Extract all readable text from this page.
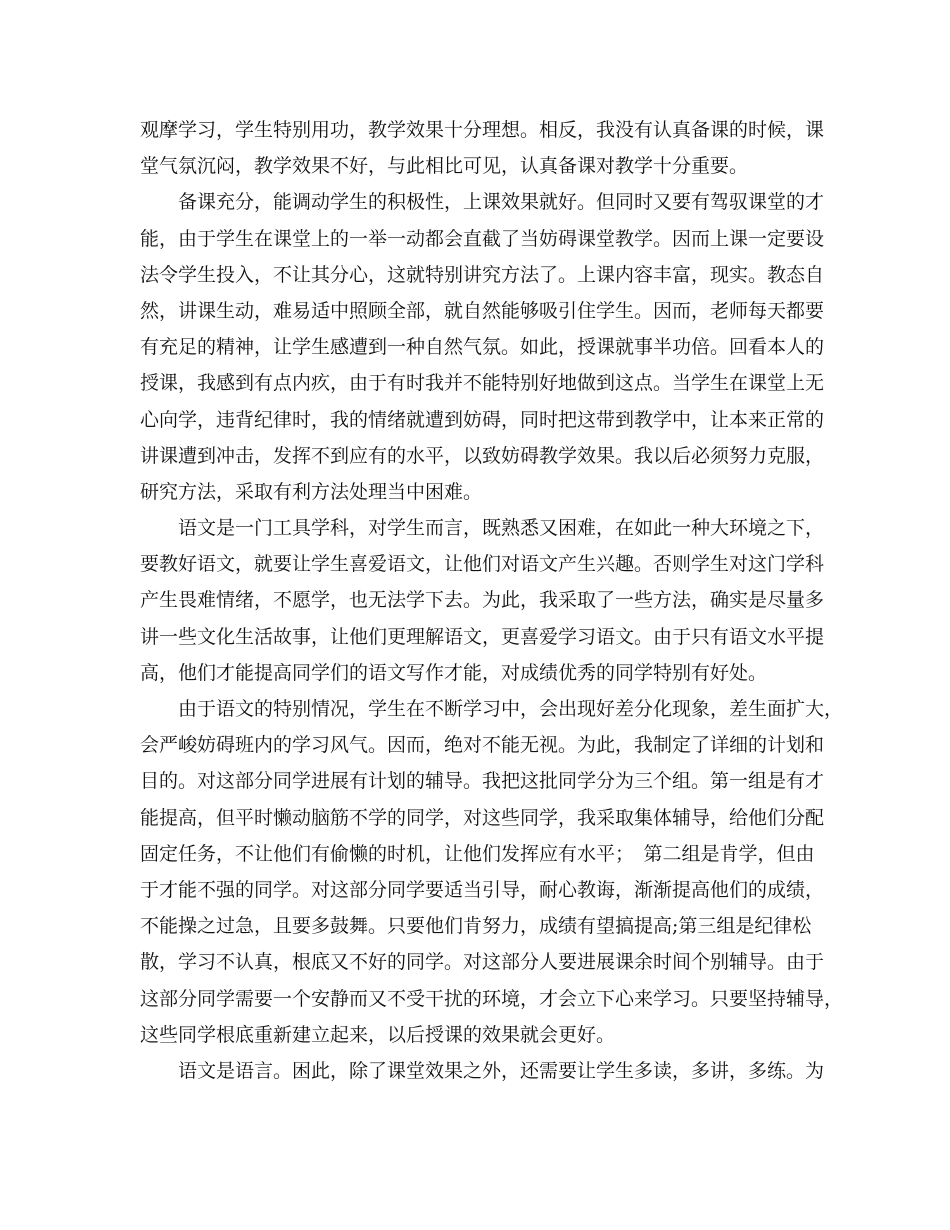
观摩学习，学生特别用功，教学效果十分理想。相反，我没有认真备课的时候，课
堂气氛沉闷，教学效果不好，与此相比可见，认真备课对教学十分重要。
备课充分，能调动学生的积极性，上课效果就好。但同时又要有驾驭课堂的才
能，由于学生在课堂上的一举一动都会直截了当妨碍课堂教学。因而上课一定要设
法令学生投入，不让其分心，这就特别讲究方法了。上课内容丰富，现实。教态自
然，讲课生动，难易适中照顾全部，就自然能够吸引住学生。因而，老师每天都要
有充足的精神，让学生感遭到一种自然气氛。如此，授课就事半功倍。回看本人的
授课，我感到有点内疚，由于有时我并不能特别好地做到这点。当学生在课堂上无
心向学，违背纪律时，我的情绪就遭到妨碍，同时把这带到教学中，让本来正常的
讲课遭到冲击，发挥不到应有的水平，以致妨碍教学效果。我以后必须努力克服，
研究方法，采取有利方法处理当中困难。
语文是一门工具学科，对学生而言，既熟悉又困难，在如此一种大环境之下，
要教好语文，就要让学生喜爱语文，让他们对语文产生兴趣。否则学生对这门学科
产生畏难情绪，不愿学，也无法学下去。为此，我采取了一些方法，确实是尽量多
讲一些文化生活故事，让他们更理解语文，更喜爱学习语文。由于只有语文水平提
高，他们才能提高同学们的语文写作才能，对成绩优秀的同学特别有好处。
由于语文的特别情况，学生在不断学习中，会出现好差分化现象，差生面扩大，
会严峻妨碍班内的学习风气。因而，绝对不能无视。为此，我制定了详细的计划和
目的。对这部分同学进展有计划的辅导。我把这批同学分为三个组。第一组是有才
能提高，但平时懒动脑筋不学的同学，对这些同学，我采取集体辅导，给他们分配
固定任务，不让他们有偷懒的时机，让他们发挥应有水平；　第二组是肯学，但由
于才能不强的同学。对这部分同学要适当引导，耐心教诲，渐渐提高他们的成绩，
不能操之过急，且要多鼓舞。只要他们肯努力，成绩有望搞提高;第三组是纪律松
散，学习不认真，根底又不好的同学。对这部分人要进展课余时间个别辅导。由于
这部分同学需要一个安静而又不受干扰的环境，才会立下心来学习。只要坚持辅导，
这些同学根底重新建立起来，以后授课的效果就会更好。
语文是语言。困此，除了课堂效果之外，还需要让学生多读，多讲，多练。为
